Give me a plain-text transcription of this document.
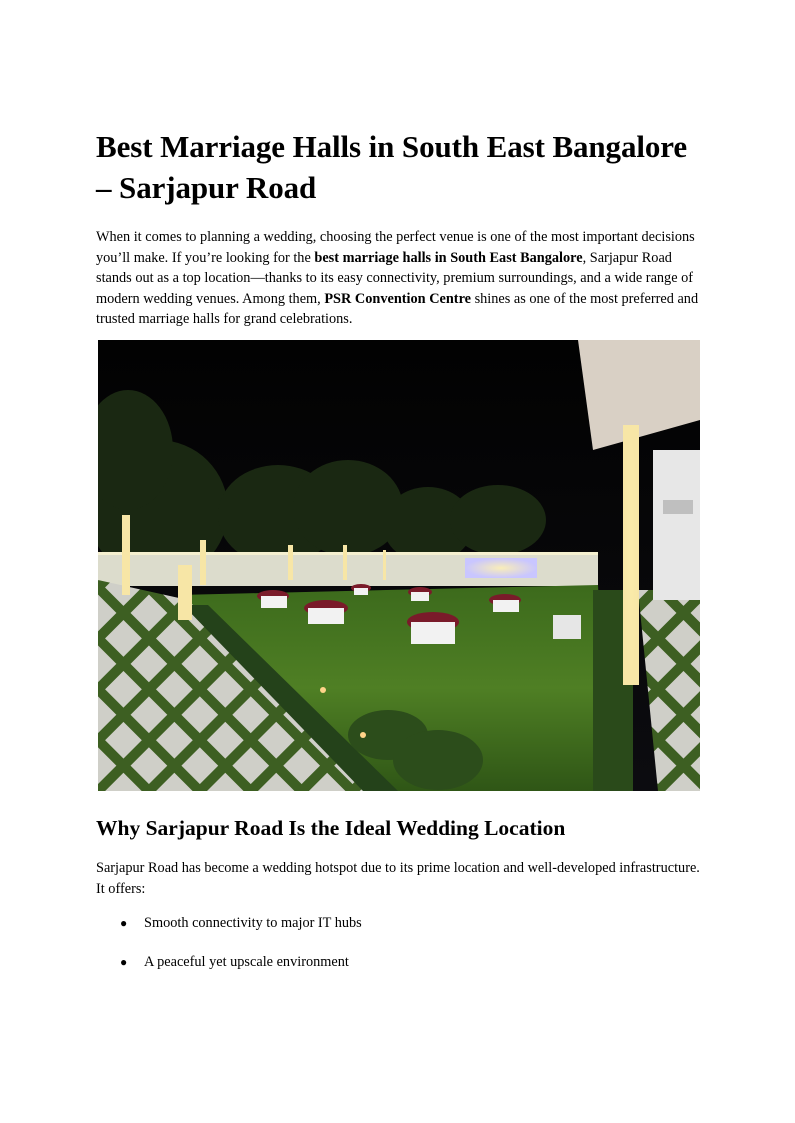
Best Marriage Halls in South East Bangalore – Sarjapur Road

When it comes to planning a wedding, choosing the perfect venue is one of the most important decisions you’ll make. If you’re looking for the best marriage halls in South East Bangalore, Sarjapur Road stands out as a top location—thanks to its easy connectivity, premium surroundings, and a wide range of modern wedding venues. Among them, PSR Convention Centre shines as one of the most preferred and trusted marriage halls for grand celebrations.

Why Sarjapur Road Is the Ideal Wedding Location

Sarjapur Road has become a wedding hotspot due to its prime location and well-developed infrastructure. It offers:

● Smooth connectivity to major IT hubs
● A peaceful yet upscale environment
